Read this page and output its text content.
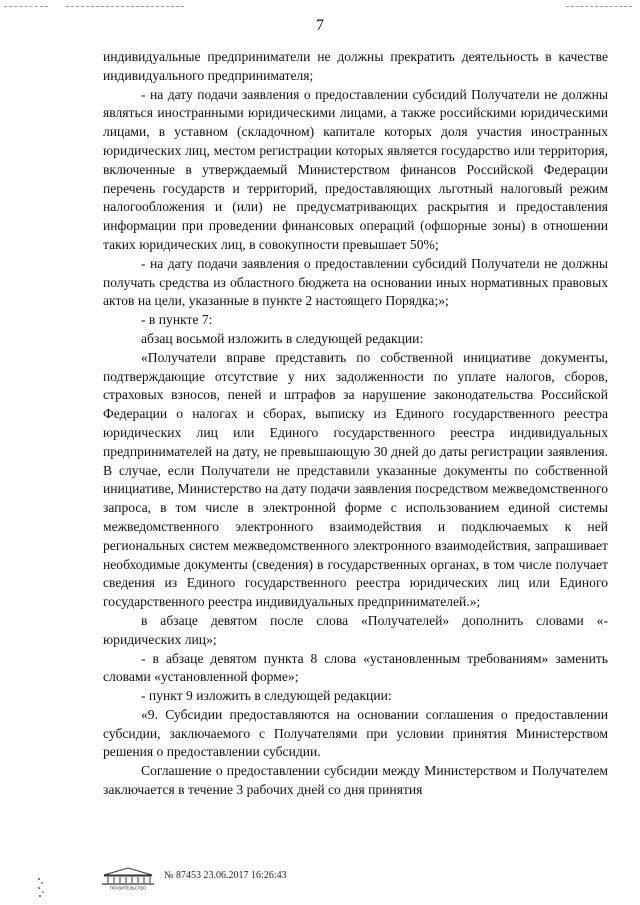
7

индивидуальные предприниматели не должны прекратить деятельность в качестве индивидуального предпринимателя;

- на дату подачи заявления о предоставлении субсидий Получатели не должны являться иностранными юридическими лицами, а также российскими юридическими лицами, в уставном (складочном) капитале которых доля участия иностранных юридических лиц, местом регистрации которых является государство или территория, включенные в утверждаемый Министерством финансов Российской Федерации перечень государств и территорий, предоставляющих льготный налоговый режим налогообложения и (или) не предусматривающих раскрытия и предоставления информации при проведении финансовых операций (офшорные зоны) в отношении таких юридических лиц, в совокупности превышает 50%;

- на дату подачи заявления о предоставлении субсидий Получатели не должны получать средства из областного бюджета на основании иных нормативных правовых актов на цели, указанные в пункте 2 настоящего Порядка;»;

- в пункте 7:

абзац восьмой изложить в следующей редакции:

«Получатели вправе представить по собственной инициативе документы, подтверждающие отсутствие у них задолженности по уплате налогов, сборов, страховых взносов, пеней и штрафов за нарушение законодательства Российской Федерации о налогах и сборах, выписку из Единого государственного реестра юридических лиц или Единого государственного реестра индивидуальных предпринимателей на дату, не превышающую 30 дней до даты регистрации заявления. В случае, если Получатели не представили указанные документы по собственной инициативе, Министерство на дату подачи заявления посредством межведомственного запроса, в том числе в электронной форме с использованием единой системы межведомственного электронного взаимодействия и подключаемых к ней региональных систем межведомственного электронного взаимодействия, запрашивает необходимые документы (сведения) в государственных органах, в том числе получает сведения из Единого государственного реестра юридических лиц или Единого государственного реестра индивидуальных предпринимателей.»;

в абзаце девятом после слова «Получателей» дополнить словами «- юридических лиц»;

- в абзаце девятом пункта 8 слова «установленным требованиям» заменить словами «установленной форме»;

- пункт 9 изложить в следующей редакции:

«9. Субсидии предоставляются на основании соглашения о предоставлении субсидии, заключаемого с Получателями при условии принятия Министерством решения о предоставлении субсидии.

Соглашение о предоставлении субсидии между Министерством и Получателем заключается в течение 3 рабочих дней со дня принятия

ПРАВИТЕЛЬСТВО
№ 87453 23.06.2017 16:26:43
